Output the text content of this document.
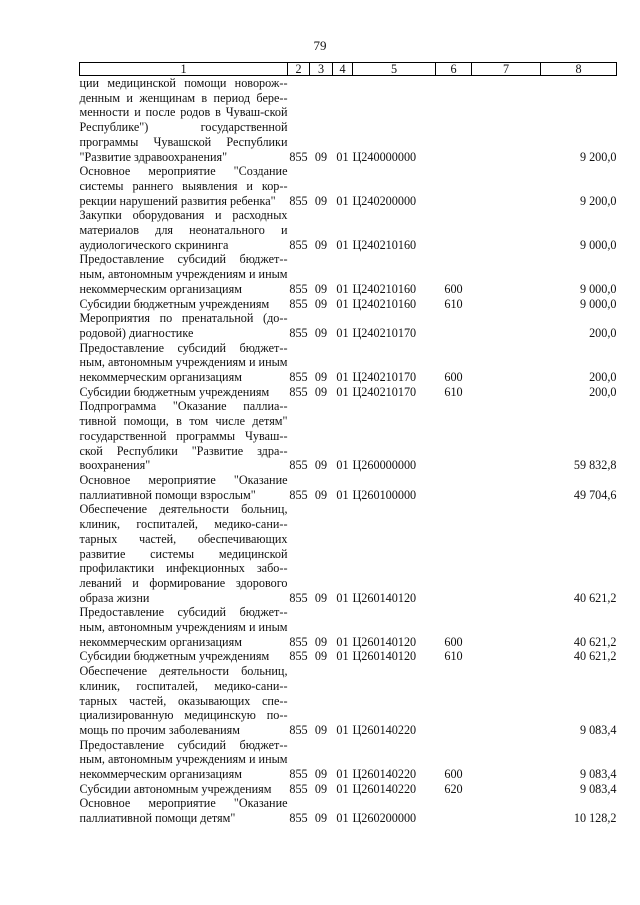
79
1	2	3	4	5	6	7	8
ции медицинской помощи новорож-денным и женщинам в период бере-менности и после родов в Чуваш-ской Республике") государственной программы Чувашской Республики "Развитие здравоохранения"	855	09	01	Ц240000000			9 200,0
Основное мероприятие "Создание системы раннего выявления и кор-рекции нарушений развития ребенка"	855	09	01	Ц240200000			9 200,0
Закупки оборудования и расходных материалов для неонатального и аудиологического скрининга	855	09	01	Ц240210160			9 000,0
Предоставление субсидий бюджет-ным, автономным учреждениям и иным некоммерческим организациям	855	09	01	Ц240210160	600		9 000,0
Субсидии бюджетным учреждениям	855	09	01	Ц240210160	610		9 000,0
Мероприятия по пренатальной (до-родовой) диагностике	855	09	01	Ц240210170			200,0
Предоставление субсидий бюджет-ным, автономным учреждениям и иным некоммерческим организациям	855	09	01	Ц240210170	600		200,0
Субсидии бюджетным учреждениям	855	09	01	Ц240210170	610		200,0
Подпрограмма "Оказание паллиа-тивной помощи, в том числе детям" государственной программы Чуваш-ской Республики "Развитие здра-воохранения"	855	09	01	Ц260000000			59 832,8
Основное мероприятие "Оказание паллиативной помощи взрослым"	855	09	01	Ц260100000			49 704,6
Обеспечение деятельности больниц, клиник, госпиталей, медико-сани-тарных частей, обеспечивающих развитие системы медицинской профилактики инфекционных забо-леваний и формирование здорового образа жизни	855	09	01	Ц260140120			40 621,2
Предоставление субсидий бюджет-ным, автономным учреждениям и иным некоммерческим организациям	855	09	01	Ц260140120	600		40 621,2
Субсидии бюджетным учреждениям	855	09	01	Ц260140120	610		40 621,2
Обеспечение деятельности больниц, клиник, госпиталей, медико-сани-тарных частей, оказывающих спе-циализированную медицинскую по-мощь по прочим заболеваниям	855	09	01	Ц260140220			9 083,4
Предоставление субсидий бюджет-ным, автономным учреждениям и иным некоммерческим организациям	855	09	01	Ц260140220	600		9 083,4
Субсидии автономным учреждениям	855	09	01	Ц260140220	620		9 083,4
Основное мероприятие "Оказание паллиативной помощи детям"	855	09	01	Ц260200000			10 128,2
